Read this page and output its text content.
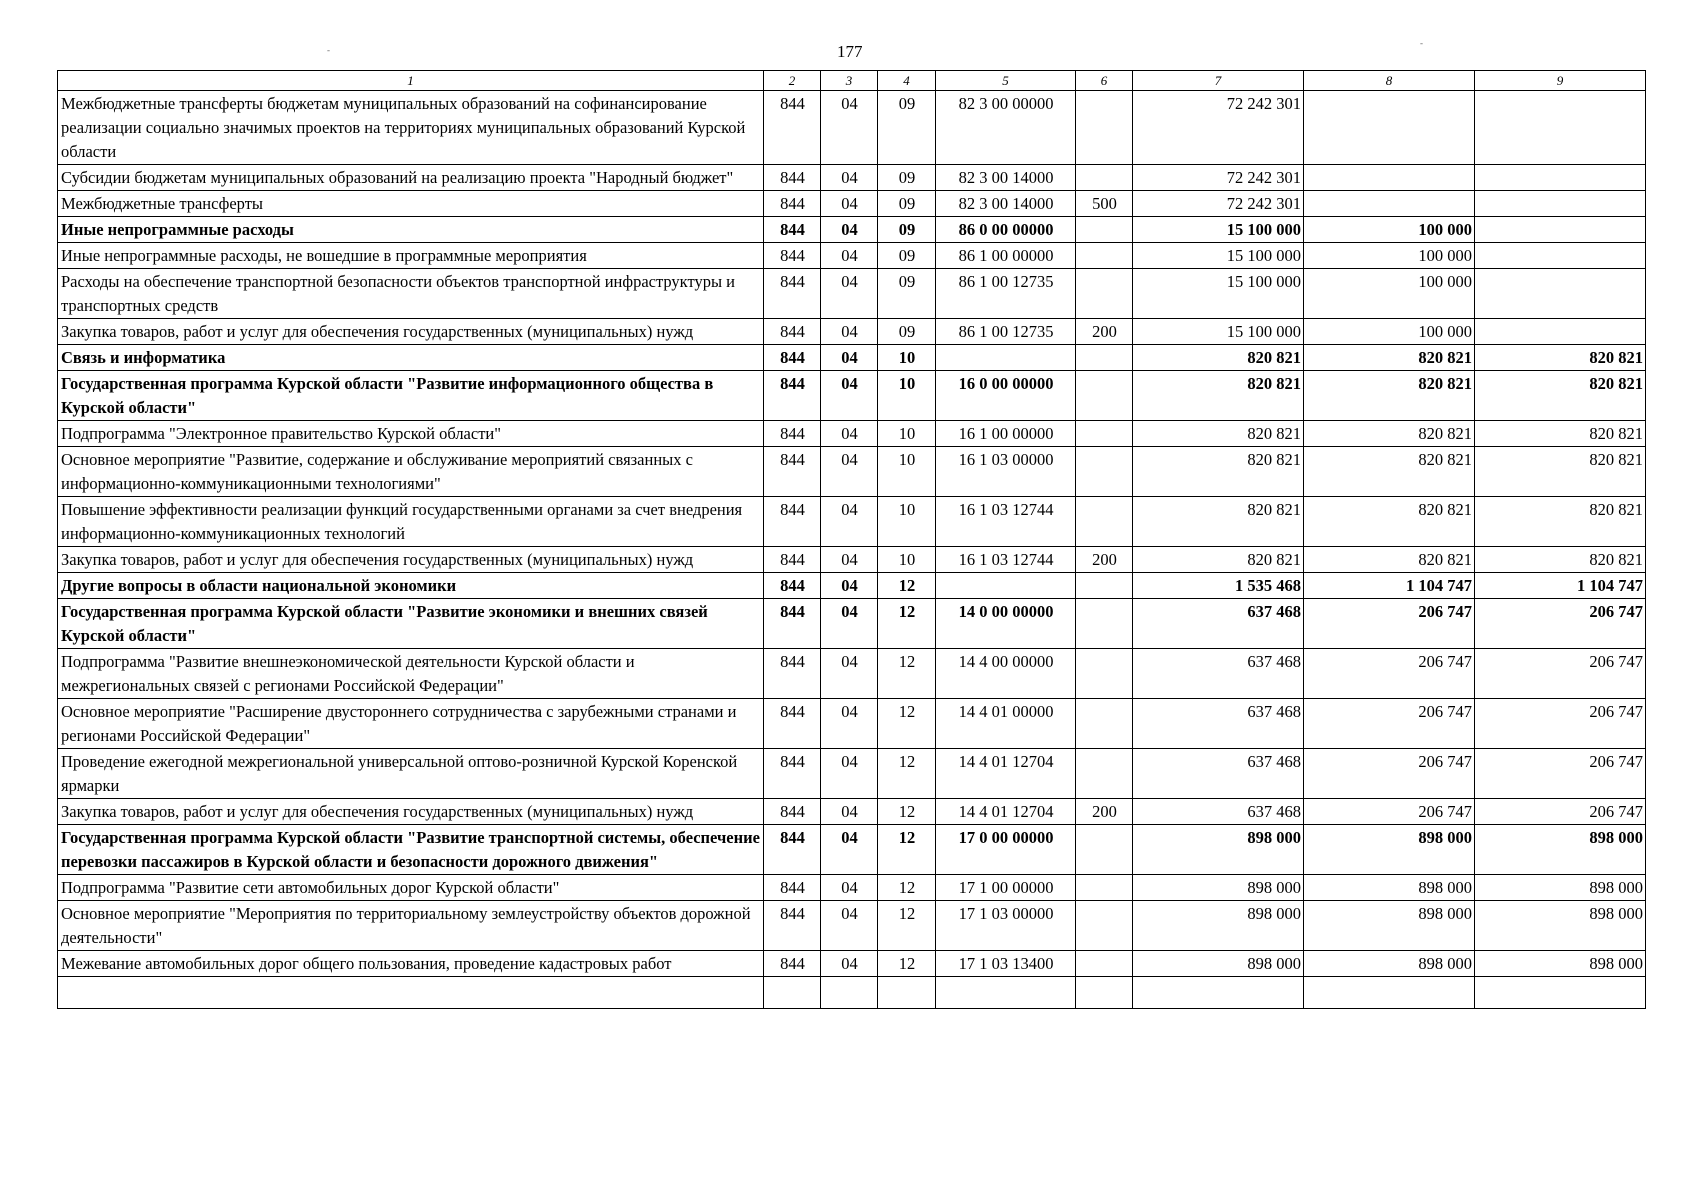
177
-
-
1	2	3	4	5	6	7	8	9
Межбюджетные трансферты бюджетам муниципальных образований на софинансирование реализации социально значимых проектов на территориях муниципальных образований Курской области	844	04	09	82 3 00 00000		72 242 301		
Субсидии бюджетам муниципальных образований на реализацию проекта "Народный бюджет"	844	04	09	82 3 00 14000		72 242 301		
Межбюджетные трансферты	844	04	09	82 3 00 14000	500	72 242 301		
Иные непрограммные расходы	844	04	09	86 0 00 00000		15 100 000	100 000	
Иные непрограммные расходы, не вошедшие в программные мероприятия	844	04	09	86 1 00 00000		15 100 000	100 000	
Расходы на обеспечение транспортной безопасности объектов транспортной инфраструктуры и транспортных средств	844	04	09	86 1 00 12735		15 100 000	100 000	
Закупка товаров, работ и услуг для обеспечения государственных (муниципальных) нужд	844	04	09	86 1 00 12735	200	15 100 000	100 000	
Связь и информатика	844	04	10			820 821	820 821	820 821
Государственная программа Курской области "Развитие информационного общества в Курской области"	844	04	10	16 0 00 00000		820 821	820 821	820 821
Подпрограмма "Электронное правительство Курской области"	844	04	10	16 1 00 00000		820 821	820 821	820 821
Основное мероприятие "Развитие, содержание и обслуживание мероприятий связанных с информационно-коммуникационными технологиями"	844	04	10	16 1 03 00000		820 821	820 821	820 821
Повышение эффективности реализации функций государственными органами за счет внедрения информационно-коммуникационных технологий	844	04	10	16 1 03 12744		820 821	820 821	820 821
Закупка товаров, работ и услуг для обеспечения государственных (муниципальных) нужд	844	04	10	16 1 03 12744	200	820 821	820 821	820 821
Другие вопросы в области национальной экономики	844	04	12			1 535 468	1 104 747	1 104 747
Государственная программа Курской области "Развитие экономики и внешних связей Курской области"	844	04	12	14 0 00 00000		637 468	206 747	206 747
Подпрограмма "Развитие внешнеэкономической деятельности Курской области и межрегиональных связей с регионами Российской Федерации"	844	04	12	14 4 00 00000		637 468	206 747	206 747
Основное мероприятие "Расширение двустороннего сотрудничества с зарубежными странами и регионами Российской Федерации"	844	04	12	14 4 01 00000		637 468	206 747	206 747
Проведение ежегодной межрегиональной универсальной оптово-розничной Курской Коренской ярмарки	844	04	12	14 4 01 12704		637 468	206 747	206 747
Закупка товаров, работ и услуг для обеспечения государственных (муниципальных) нужд	844	04	12	14 4 01 12704	200	637 468	206 747	206 747
Государственная программа Курской области "Развитие транспортной системы, обеспечение перевозки пассажиров в Курской области и безопасности дорожного движения"	844	04	12	17 0 00 00000		898 000	898 000	898 000
Подпрограмма "Развитие сети автомобильных дорог Курской области"	844	04	12	17 1 00 00000		898 000	898 000	898 000
Основное мероприятие "Мероприятия по территориальному землеустройству объектов дорожной деятельности"	844	04	12	17 1 03 00000		898 000	898 000	898 000
Межевание автомобильных дорог общего пользования, проведение кадастровых работ	844	04	12	17 1 03 13400		898 000	898 000	898 000
